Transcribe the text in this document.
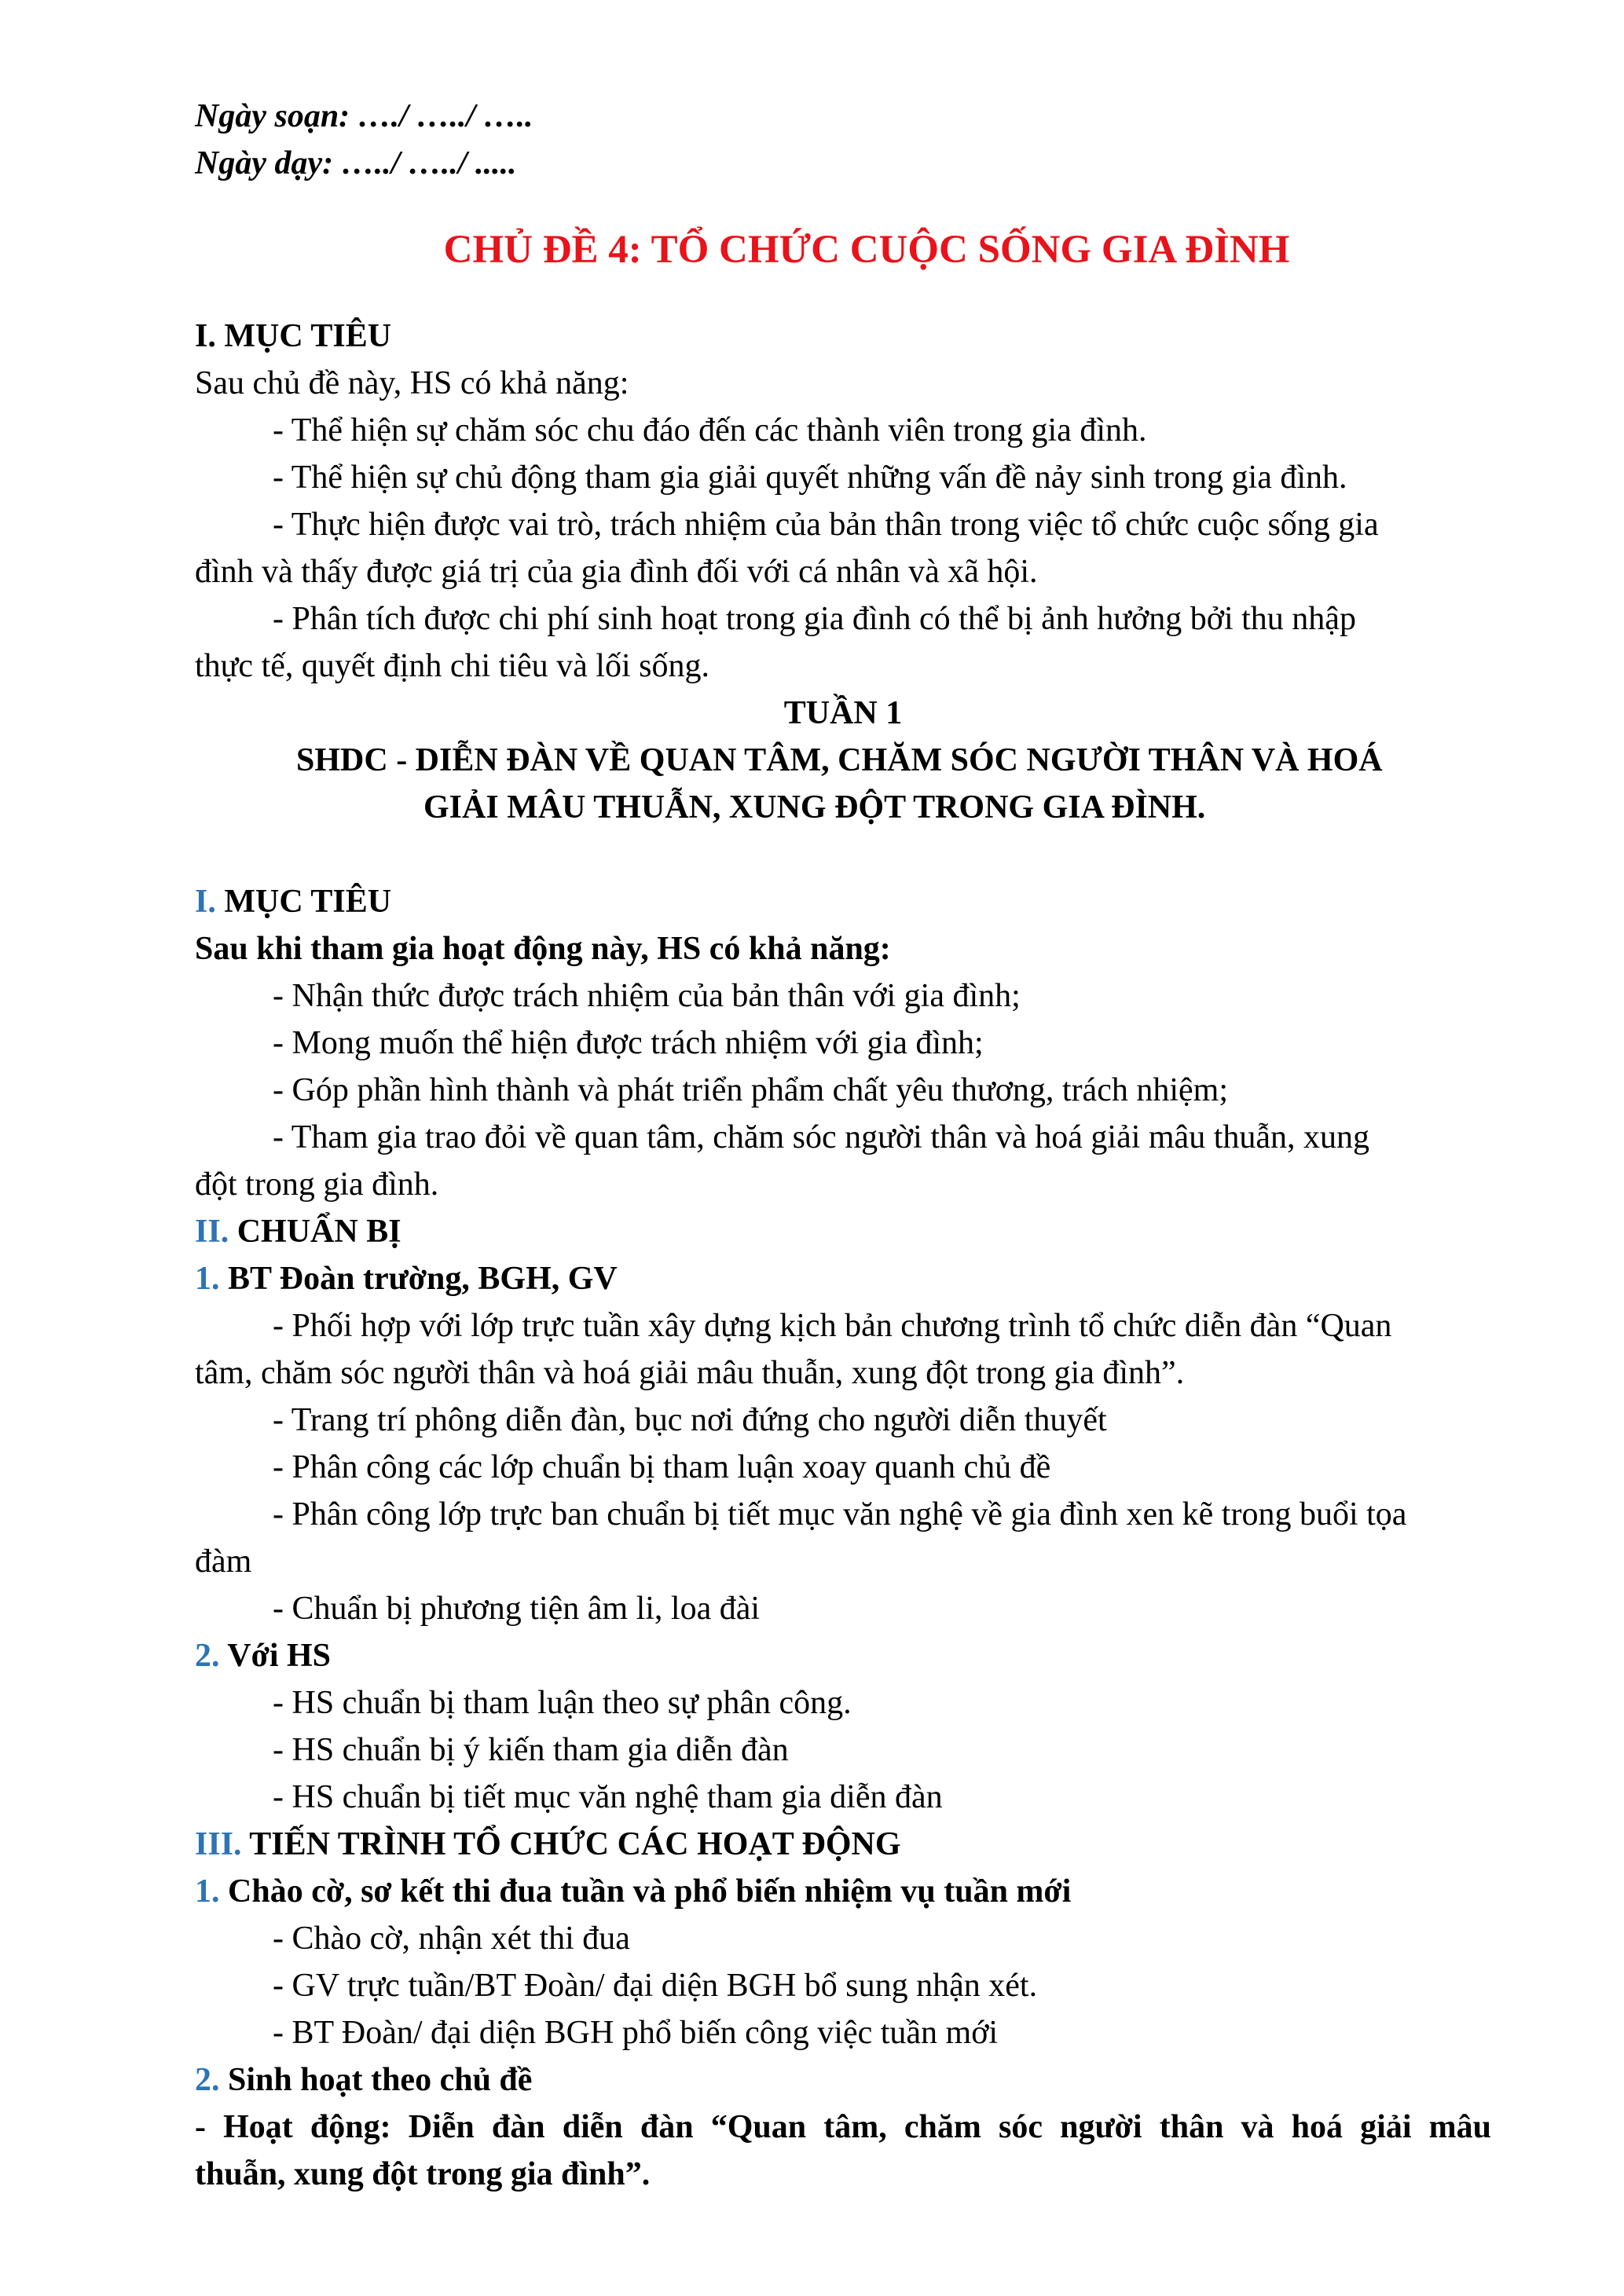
Ngày soạn: …./ …../ …..
Ngày dạy: …../ …../ .....
CHỦ ĐỀ 4: TỔ CHỨC CUỘC SỐNG GIA ĐÌNH
I. MỤC TIÊU
Sau chủ đề này, HS có khả năng:
- Thể hiện sự chăm sóc chu đáo đến các thành viên trong gia đình.
- Thể hiện sự chủ động tham gia giải quyết những vấn đề nảy sinh trong gia đình.
- Thực hiện được vai trò, trách nhiệm của bản thân trong việc tổ chức cuộc sống gia
đình và thấy được giá trị của gia đình đối với cá nhân và xã hội.
- Phân tích được chi phí sinh hoạt trong gia đình có thể bị ảnh hưởng bởi thu nhập
thực tế, quyết định chi tiêu và lối sống.
TUẦN 1
SHDC - DIỄN ĐÀN VỀ QUAN TÂM, CHĂM SÓC NGƯỜI THÂN VÀ HOÁ
GIẢI MÂU THUẪN, XUNG ĐỘT TRONG GIA ĐÌNH.
I. MỤC TIÊU
Sau khi tham gia hoạt động này, HS có khả năng:
- Nhận thức được trách nhiệm của bản thân với gia đình;
- Mong muốn thể hiện được trách nhiệm với gia đình;
- Góp phần hình thành và phát triển phẩm chất yêu thương, trách nhiệm;
- Tham gia trao đỏi về quan tâm, chăm sóc người thân và hoá giải mâu thuẫn, xung
đột trong gia đình.
II. CHUẨN BỊ
1. BT Đoàn trường, BGH, GV
- Phối hợp với lớp trực tuần xây dựng kịch bản chương trình tổ chức diễn đàn “Quan
tâm, chăm sóc người thân và hoá giải mâu thuẫn, xung đột trong gia đình”.
- Trang trí phông diễn đàn, bục nơi đứng cho người diễn thuyết
- Phân công các lớp chuẩn bị tham luận xoay quanh chủ đề
- Phân công lớp trực ban chuẩn bị tiết mục văn nghệ về gia đình xen kẽ trong buổi tọa
đàm
- Chuẩn bị phương tiện âm li, loa đài
2. Với HS
- HS chuẩn bị tham luận theo sự phân công.
- HS chuẩn bị ý kiến tham gia diễn đàn
- HS chuẩn bị tiết mục văn nghệ tham gia diễn đàn
III. TIẾN TRÌNH TỔ CHỨC CÁC HOẠT ĐỘNG
1. Chào cờ, sơ kết thi đua tuần và phổ biến nhiệm vụ tuần mới
- Chào cờ, nhận xét thi đua
- GV trực tuần/BT Đoàn/ đại diện BGH bổ sung nhận xét.
- BT Đoàn/ đại diện BGH phổ biến công việc tuần mới
2. Sinh hoạt theo chủ đề
- Hoạt động: Diễn đàn diễn đàn “Quan tâm, chăm sóc người thân và hoá giải mâu
thuẫn, xung đột trong gia đình”.
